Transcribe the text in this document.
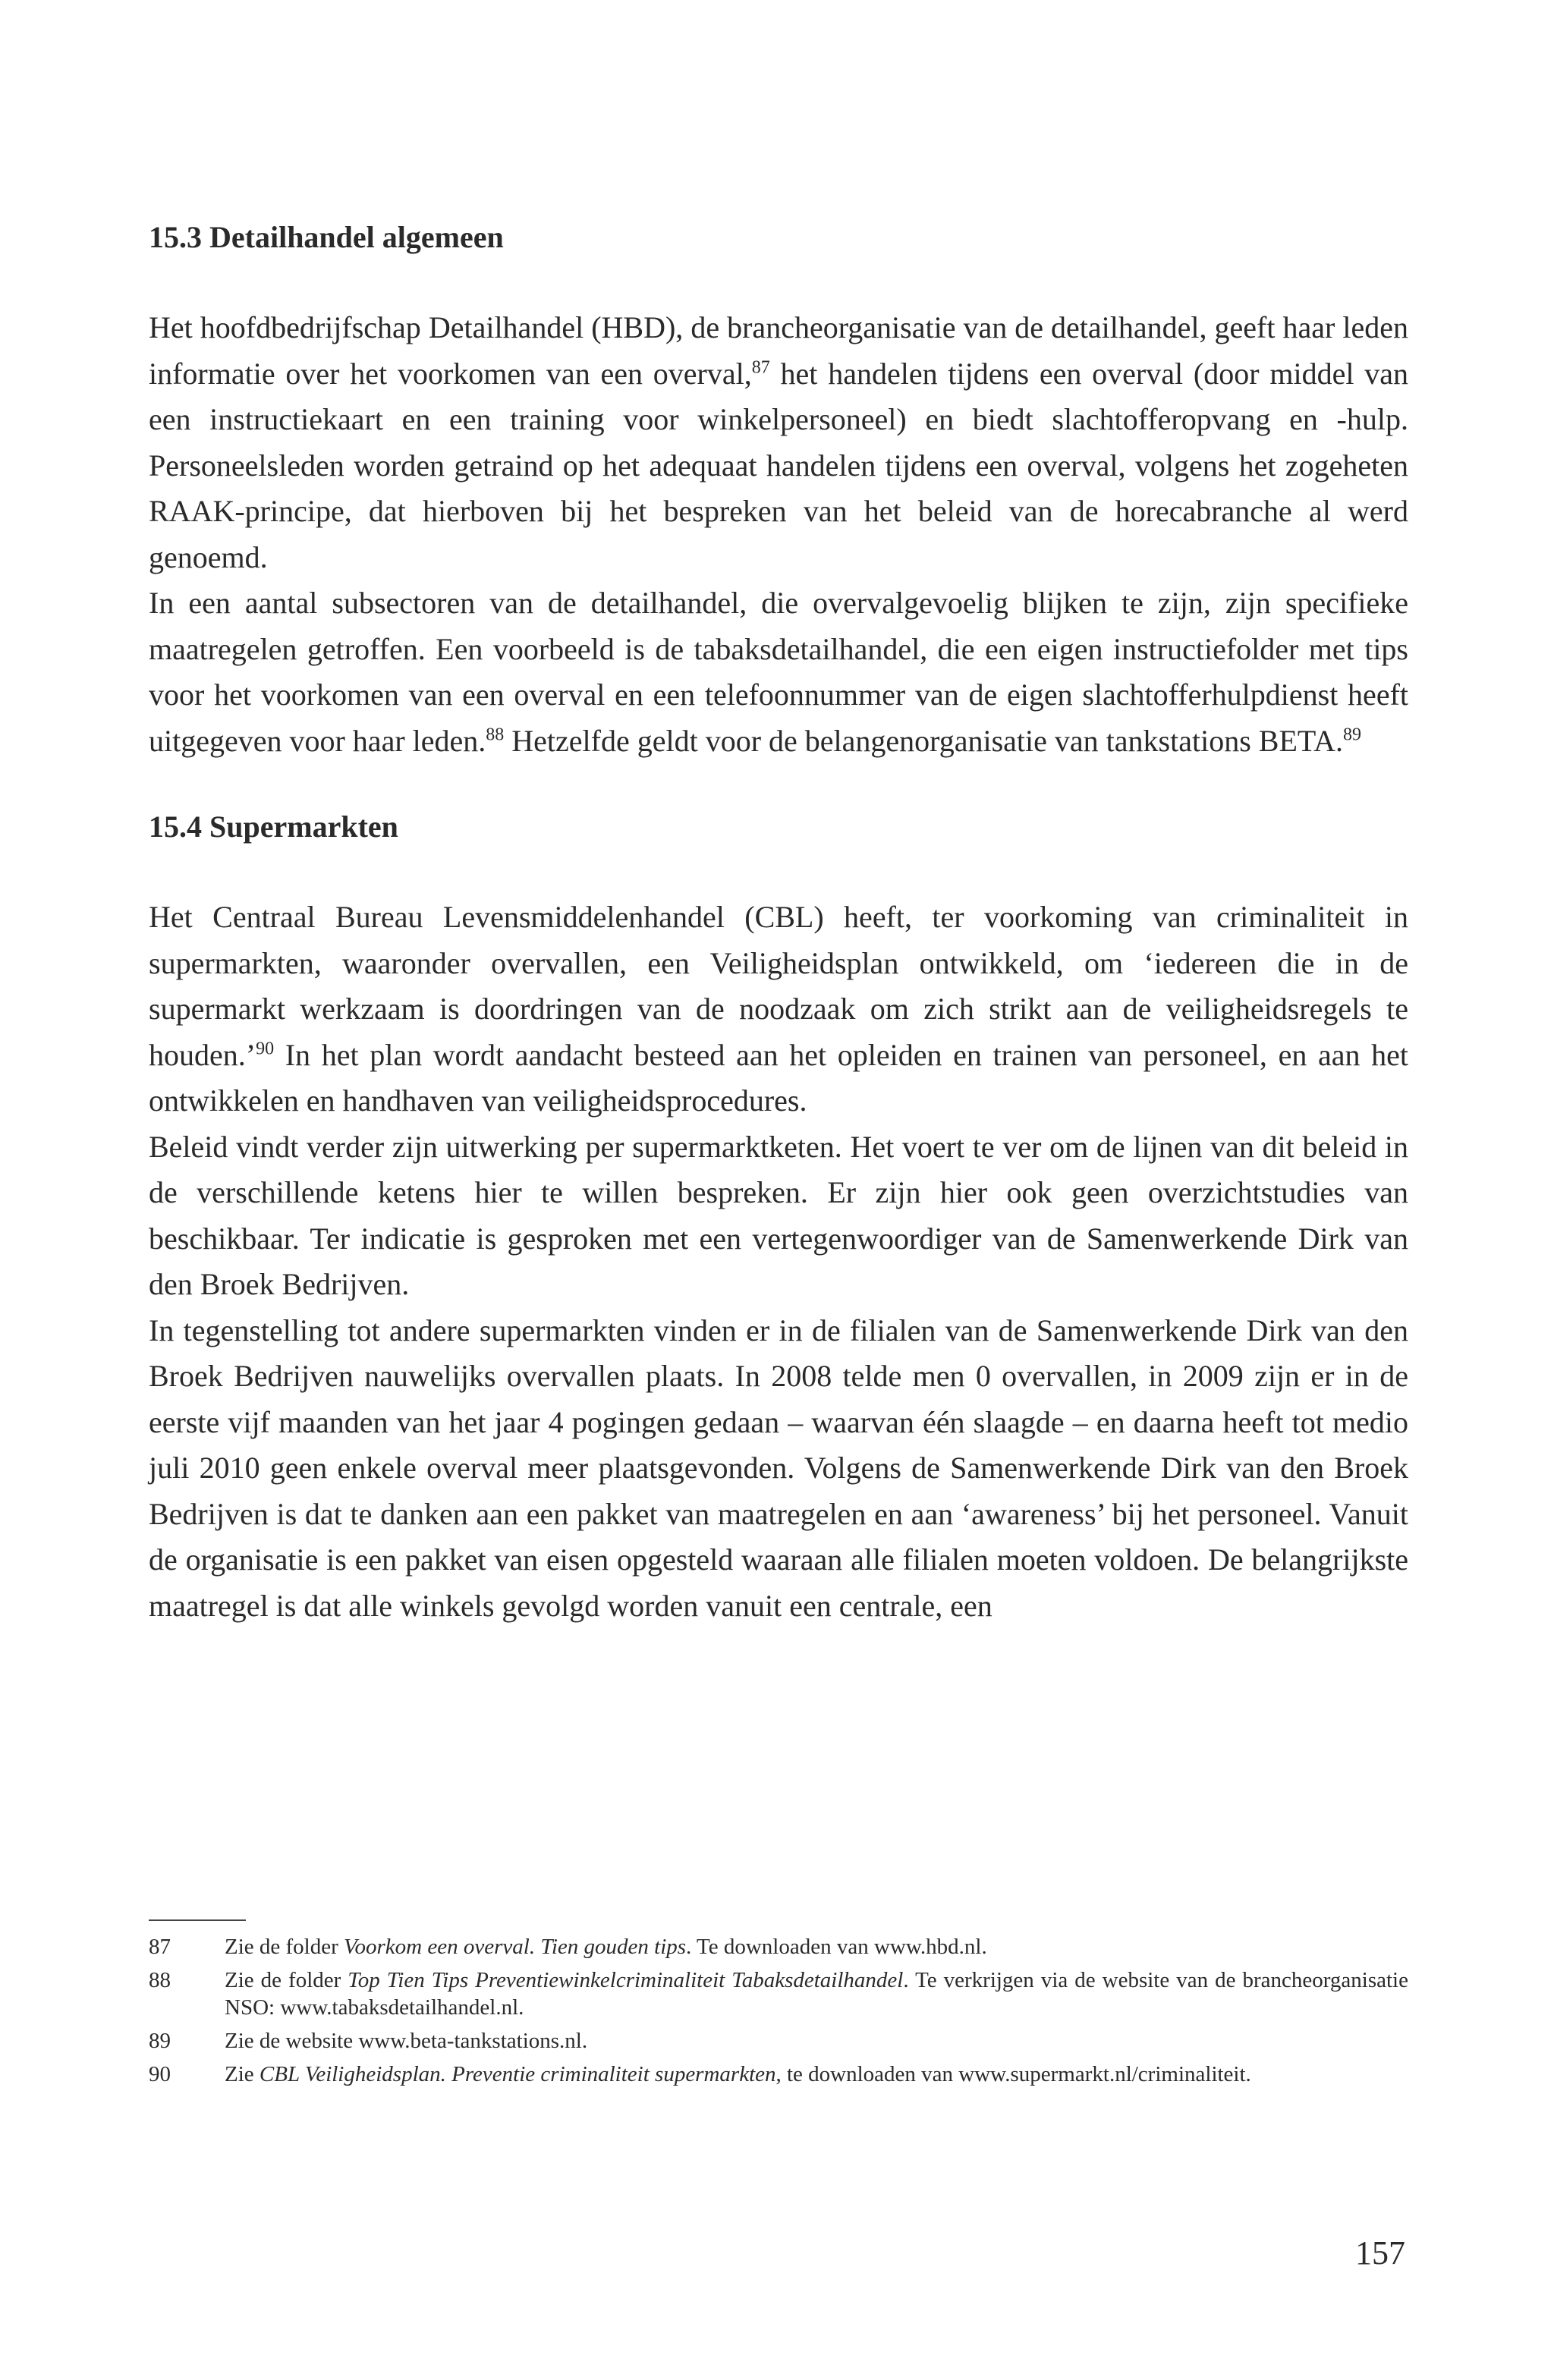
15.3 Detailhandel algemeen

Het hoofdbedrijfschap Detailhandel (HBD), de brancheorganisatie van de detailhandel, geeft haar leden informatie over het voorkomen van een overval,$^{87}$ het handelen tijdens een overval (door middel van een instructiekaart en een training voor winkelpersoneel) en biedt slachtofferopvang en -hulp. Personeelsleden worden getraind op het adequaat handelen tijdens een overval, volgens het zogeheten RAAK-principe, dat hierboven bij het bespreken van het beleid van de horecabranche al werd genoemd.

In een aantal subsectoren van de detailhandel, die overvalgevoelig blijken te zijn, zijn specifieke maatregelen getroffen. Een voorbeeld is de tabaksdetailhandel, die een eigen instructiefolder met tips voor het voorkomen van een overval en een telefoonnummer van de eigen slachtofferhulpdienst heeft uitgegeven voor haar leden.$^{88}$ Hetzelfde geldt voor de belangenorganisatie van tankstations BETA.$^{89}$

15.4 Supermarkten

Het Centraal Bureau Levensmiddelenhandel (CBL) heeft, ter voorkoming van criminaliteit in supermarkten, waaronder overvallen, een Veiligheidsplan ontwikkeld, om ‘iedereen die in de supermarkt werkzaam is doordringen van de noodzaak om zich strikt aan de veiligheidsregels te houden.’$^{90}$ In het plan wordt aandacht besteed aan het opleiden en trainen van personeel, en aan het ontwikkelen en handhaven van veiligheidsprocedures.

Beleid vindt verder zijn uitwerking per supermarktketen. Het voert te ver om de lijnen van dit beleid in de verschillende ketens hier te willen bespreken. Er zijn hier ook geen overzichtstudies van beschikbaar. Ter indicatie is gesproken met een vertegenwoordiger van de Samenwerkende Dirk van den Broek Bedrijven.

In tegenstelling tot andere supermarkten vinden er in de filialen van de Samenwerkende Dirk van den Broek Bedrijven nauwelijks overvallen plaats. In 2008 telde men 0 overvallen, in 2009 zijn er in de eerste vijf maanden van het jaar 4 pogingen gedaan – waarvan één slaagde – en daarna heeft tot medio juli 2010 geen enkele overval meer plaatsgevonden. Volgens de Samenwerkende Dirk van den Broek Bedrijven is dat te danken aan een pakket van maatregelen en aan ‘awareness’ bij het personeel. Vanuit de organisatie is een pakket van eisen opgesteld waaraan alle filialen moeten voldoen. De belangrijkste maatregel is dat alle winkels gevolgd worden vanuit een centrale, een

87 Zie de folder Voorkom een overval. Tien gouden tips. Te downloaden van www.hbd.nl.
88 Zie de folder Top Tien Tips Preventiewinkelcriminaliteit Tabaksdetailhandel. Te verkrijgen via de website van de brancheorganisatie NSO: www.tabaksdetailhandel.nl.
89 Zie de website www.beta-tankstations.nl.
90 Zie CBL Veiligheidsplan. Preventie criminaliteit supermarkten, te downloaden van www.supermarkt.nl/criminaliteit.
157
